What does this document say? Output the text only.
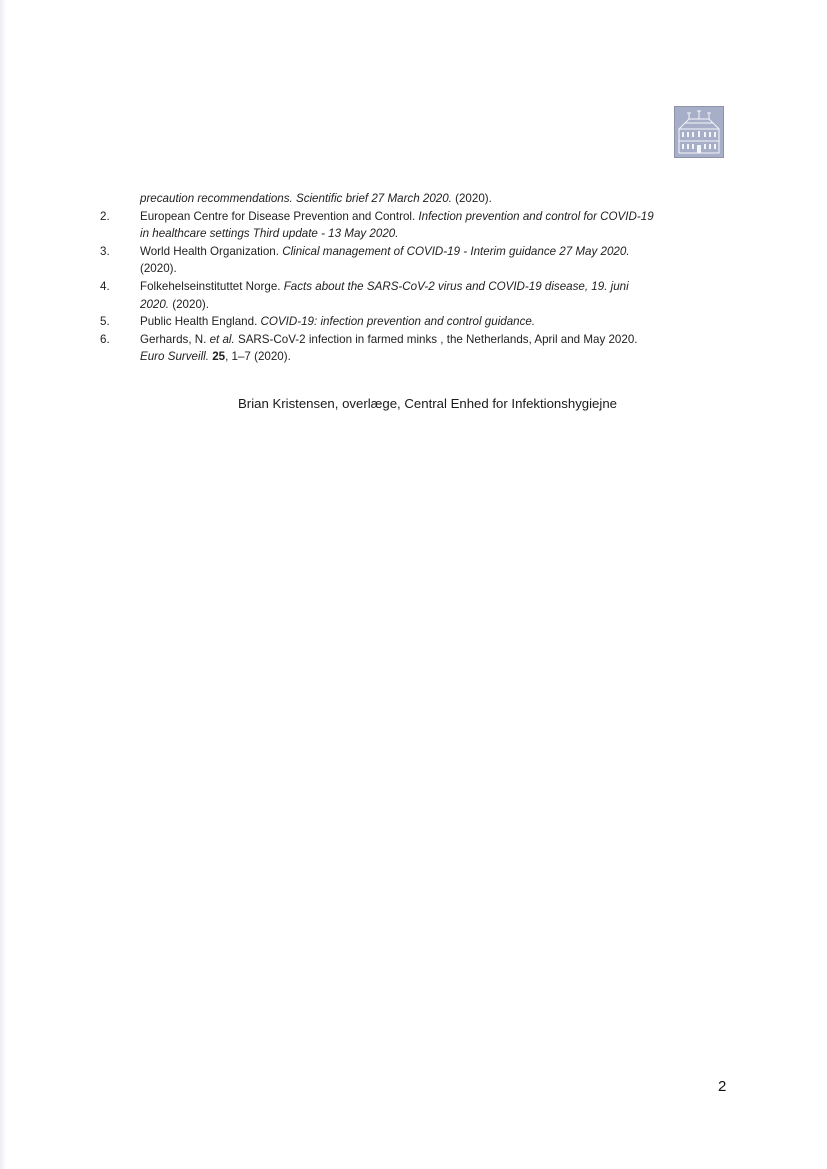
precaution recommendations. Scientific brief 27 March 2020. (2020).
2.	European Centre for Disease Prevention and Control. Infection prevention and control for COVID-19 in healthcare settings Third update - 13 May 2020.
3.	World Health Organization. Clinical management of COVID-19 - Interim guidance 27 May 2020. (2020).
4.	Folkehelseinstituttet Norge. Facts about the SARS-CoV-2 virus and COVID-19 disease, 19. juni 2020. (2020).
5.	Public Health England. COVID-19: infection prevention and control guidance.
6.	Gerhards, N. et al. SARS-CoV-2 infection in farmed minks , the Netherlands, April and May 2020. Euro Surveill. 25, 1–7 (2020).
Brian Kristensen, overlæge, Central Enhed for Infektionshygiejne
2
